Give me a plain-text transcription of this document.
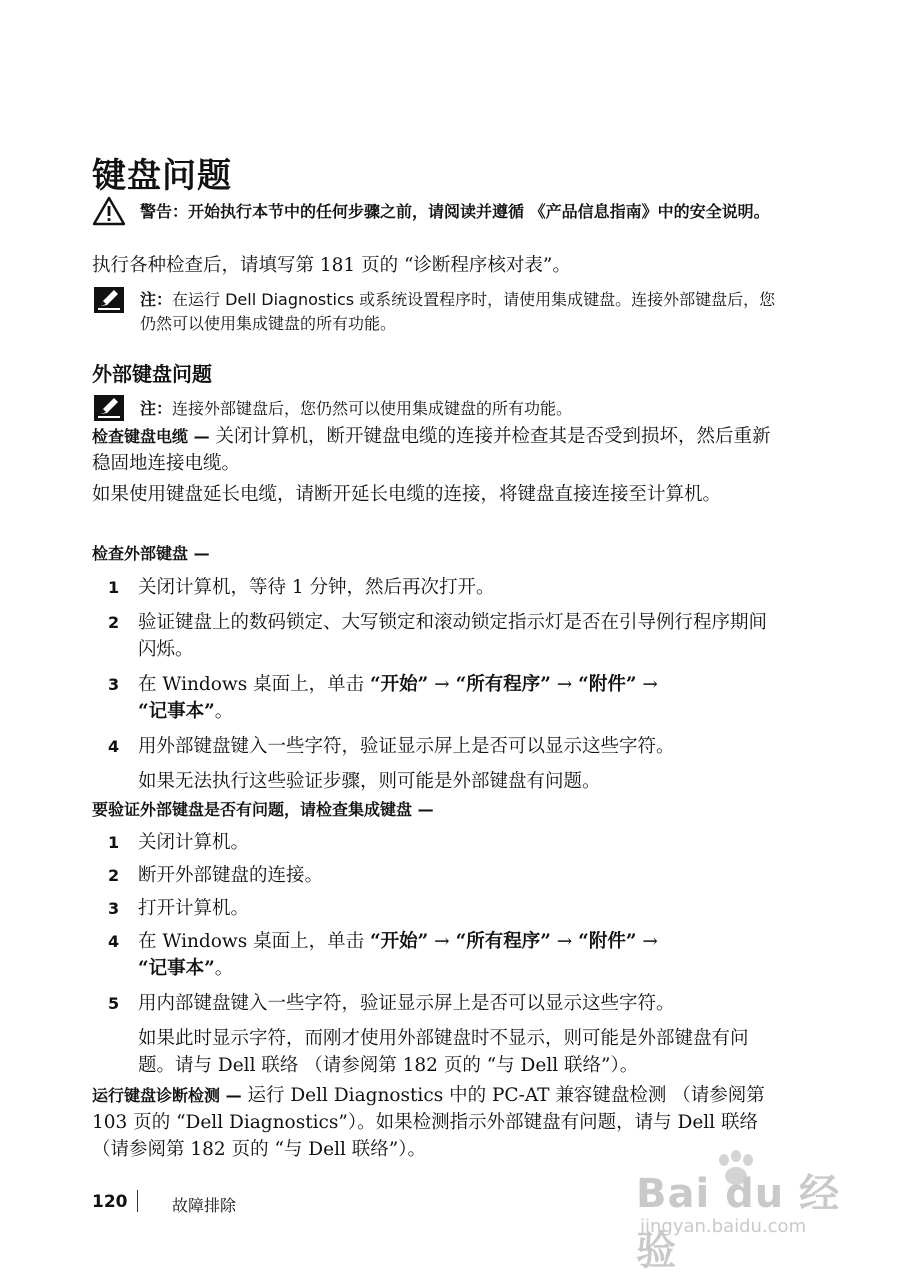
键盘问题
警告：开始执行本节中的任何步骤之前，请阅读并遵循 《产品信息指南》中的安全说明。
执行各种检查后，请填写第 181 页的 “诊断程序核对表”。
注：在运行 Dell Diagnostics 或系统设置程序时，请使用集成键盘。连接外部键盘后，您仍然可以使用集成键盘的所有功能。
外部键盘问题
注：连接外部键盘后，您仍然可以使用集成键盘的所有功能。
检查键盘电缆 — 关闭计算机，断开键盘电缆的连接并检查其是否受到损坏，然后重新稳固地连接电缆。
如果使用键盘延长电缆，请断开延长电缆的连接，将键盘直接连接至计算机。
检查外部键盘 —
1 关闭计算机，等待 1 分钟，然后再次打开。
2 验证键盘上的数码锁定、大写锁定和滚动锁定指示灯是否在引导例行程序期间闪烁。
3 在 Windows 桌面上，单击 “开始” → “所有程序” → “附件” →
“记事本”。
4 用外部键盘键入一些字符，验证显示屏上是否可以显示这些字符。
如果无法执行这些验证步骤，则可能是外部键盘有问题。
要验证外部键盘是否有问题，请检查集成键盘 —
1 关闭计算机。
2 断开外部键盘的连接。
3 打开计算机。
4 在 Windows 桌面上，单击 “开始” → “所有程序” → “附件” →
“记事本”。
5 用内部键盘键入一些字符，验证显示屏上是否可以显示这些字符。
如果此时显示字符，而刚才使用外部键盘时不显示，则可能是外部键盘有问题。请与 Dell 联络 （请参阅第 182 页的 “与 Dell 联络”）。
运行键盘诊断检测 — 运行 Dell Diagnostics 中的 PC-AT 兼容键盘检测 （请参阅第 103 页的 “Dell Diagnostics”）。如果检测指示外部键盘有问题，请与 Dell 联络 （请参阅第 182 页的 “与 Dell 联络”）。
120	故障排除	Bai du 经验
jingyan.baidu.com
